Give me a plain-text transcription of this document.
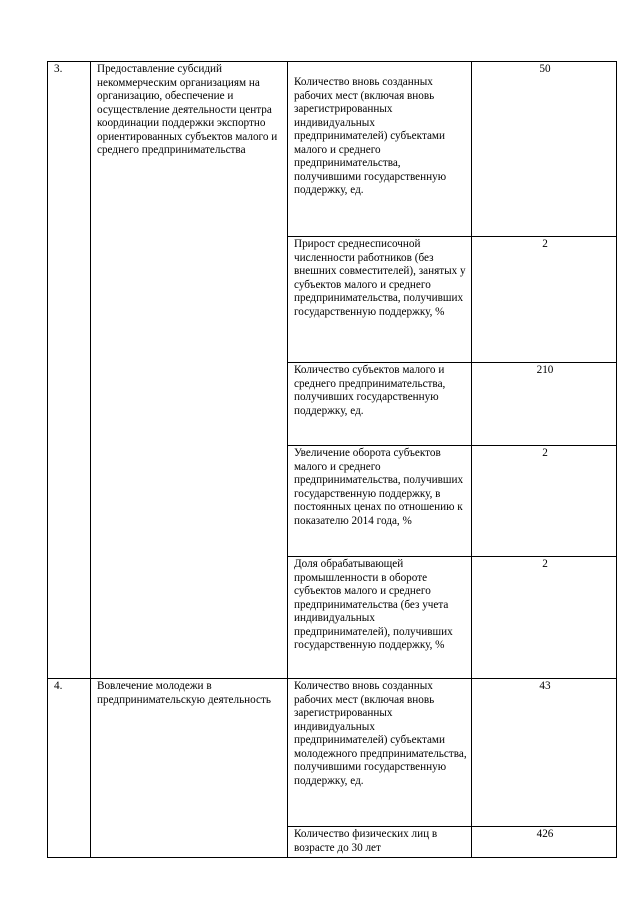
3.	Предоставление субсидий некоммерческим организациям на организацию, обеспечение и осуществление деятельности центра координации поддержки экспортно ориентированных субъектов малого и среднего предпринимательства	Количество вновь созданных рабочих мест (включая вновь зарегистрированных индивидуальных предпринимателей) субъектами малого и среднего предпринимательства, получившими государственную поддержку, ед.	50

		Прирост среднесписочной численности работников (без внешних совместителей), занятых у субъектов малого и среднего предпринимательства, получивших государственную поддержку, %	2

		Количество субъектов малого и среднего предпринимательства, получивших государственную поддержку, ед.	210

		Увеличение оборота субъектов малого и среднего предпринимательства, получивших государственную поддержку, в постоянных ценах по отношению к показателю 2014 года, %	2

		Доля обрабатывающей промышленности в обороте субъектов малого и среднего предпринимательства (без учета индивидуальных предпринимателей), получивших государственную поддержку, %	2

4.	Вовлечение молодежи в предпринимательскую деятельность	Количество вновь созданных рабочих мест (включая вновь зарегистрированных индивидуальных предпринимателей) субъектами молодежного предпринимательства, получившими государственную поддержку, ед.	43

		Количество физических лиц в возрасте до 30 лет	426
